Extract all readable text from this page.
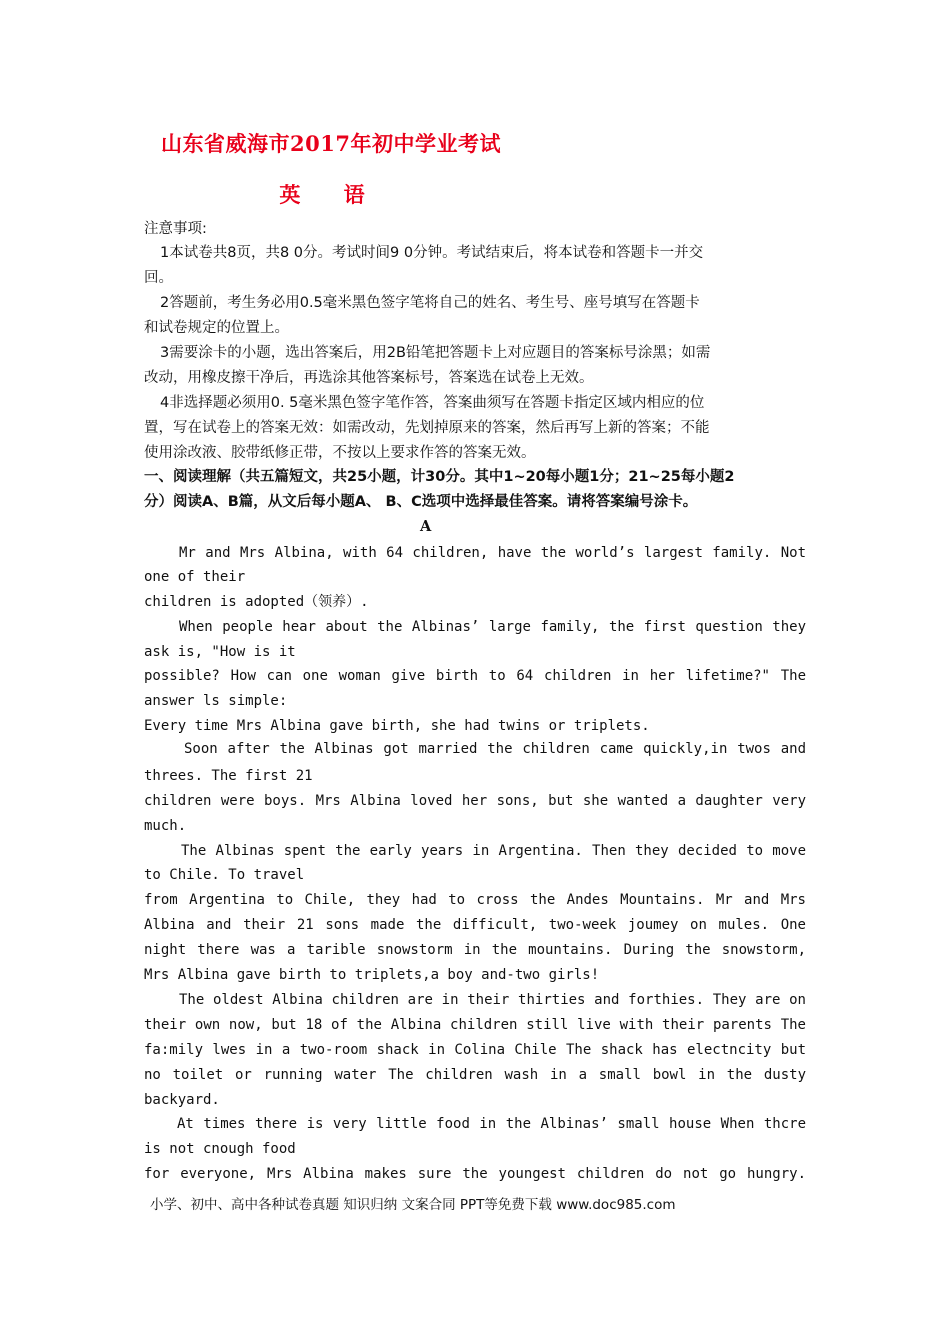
山东省威海市2017年初中学业考试
英 语
注意事项:
1本试卷共8页，共8 0分。考试时间9 0分钟。考试结束后，将本试卷和答题卡一并交
回。
2答题前，考生务必用0.5毫米黑色签字笔将自己的姓名、考生号、座号填写在答题卡
和试卷规定的位置上。
3需要涂卡的小题，选出答案后，用2B铅笔把答题卡上对应题目的答案标号涂黑；如需
改动，用橡皮擦干净后，再选涂其他答案标号，答案选在试卷上无效。
4非选择题必须用0. 5毫米黑色签字笔作答，答案曲须写在答题卡指定区域内相应的位
置，写在试卷上的答案无效：如需改动，先划掉原来的答案，然后再写上新的答案；不能
使用涂改液、胶带纸修正带，不按以上要求作答的答案无效。
一、阅读理解（共五篇短文，共25小题，计30分。其中1~20每小题1分；21~25每小题2
分）阅读A、B篇，从文后每小题A、 B、C选项中选择最佳答案。请将答案编号涂卡。
A
Mr and Mrs Albina, with 64 children, have the world’s largest family. Not
one of their
children is adopted（领养）.
When people hear about the Albinas’ large family, the first question they
ask is, "How is it
possible? How can one woman give birth to 64 children in her lifetime?" The
answer ls simple:
Every time Mrs Albina gave birth, she had twins or triplets.
Soon after the Albinas got married the children came quickly,in twos and
threes. The first 21
children were boys. Mrs Albina loved her sons, but she wanted a daughter very
much.
The Albinas spent the early years in Argentina. Then they decided to move
to Chile. To travel
from Argentina to Chile, they had to cross the Andes Mountains. Mr and Mrs
Albina and their 21 sons made the difficult, two-week joumey on mules. One
night there was a tarible snowstorm in the mountains. During the snowstorm,
Mrs Albina gave birth to triplets,a boy and-two girls!
The oldest Albina children are in their thirties and forthies. They are on
their own now, but 18 of the Albina children still live with their parents The
fa:mily lwes in a two-room shack in Colina Chile The shack has electncity but
no toilet or running water The children wash in a small bowl in the dusty
backyard.
At times there is very little food in the Albinas’ small house When thcre
is not cnough food
for everyone, Mrs Albina makes sure the youngest children do not go hungry.
小学、初中、高中各种试卷真题 知识归纳 文案合同 PPT等免费下载 www.doc985.com
